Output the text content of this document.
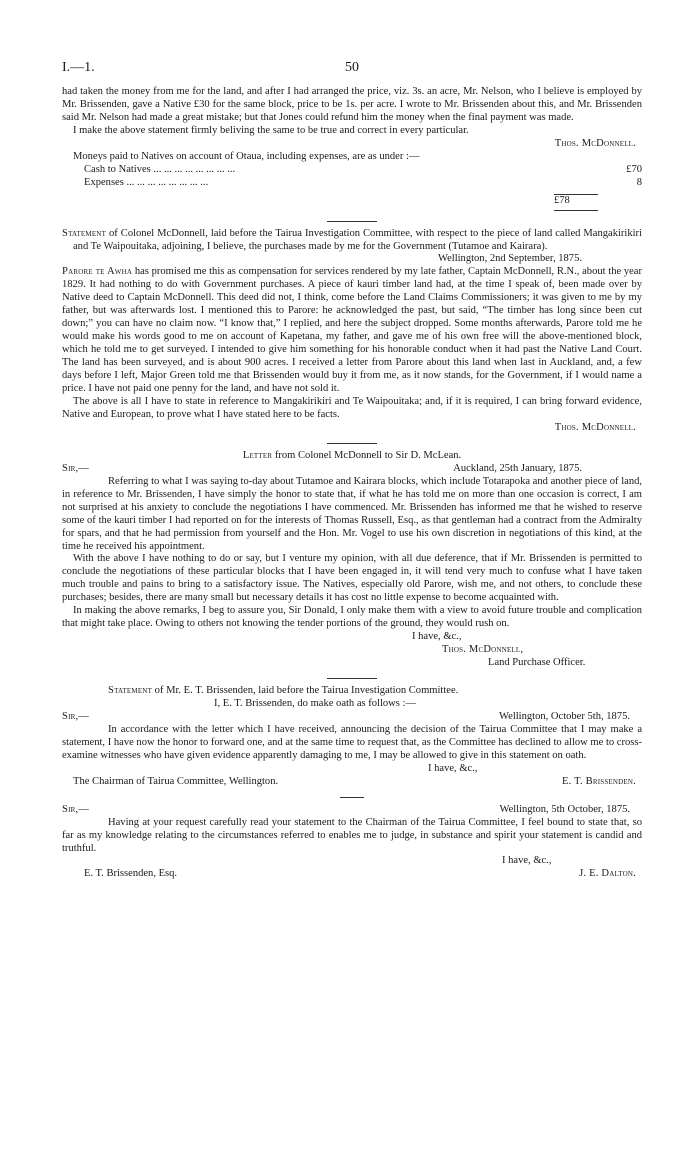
I.—1.	50

had taken the money from me for the land, and after I had arranged the price, viz. 3s. an acre, Mr. Nelson, who I believe is employed by Mr. Brissenden, gave a Native £30 for the same block, price to be 1s. per acre. I wrote to Mr. Brissenden about this, and Mr. Brissenden said Mr. Nelson had made a great mistake; but that Jones could refund him the money when the final payment was made.

I make the above statement firmly beliving the same to be true and correct in every particular.

Thos. McDonnell.

Moneys paid to Natives on account of Otaua, including expenses, are as under :—

Cash to Natives ... ... ... ... ... ... ... ...	£70
Expenses ... ... ... ... ... ... ... ...	8
£78

Statement of Colonel McDonnell, laid before the Tairua Investigation Committee, with respect to the piece of land called Mangakirikiri and Te Waipouitaka, adjoining, I believe, the purchases made by me for the Government (Tutamoe and Kairara).

Wellington, 2nd September, 1875.

Parore te Awha has promised me this as compensation for services rendered by my late father, Captain McDonnell, R.N., about the year 1829. It had nothing to do with Government purchases. A piece of kauri timber land had, at the time I speak of, been made over by Native deed to Captain McDonnell. This deed did not, I think, come before the Land Claims Commissioners; it was given to me by my father, but was afterwards lost. I mentioned this to Parore: he acknowledged the past, but said, “The timber has long since been cut down;” you can have no claim now. “I know that,” I replied, and here the subject dropped. Some months afterwards, Parore told me he would make his words good to me on account of Kapetana, my father, and gave me of his own free will the above-mentioned block, which he told me to get surveyed. I intended to give him something for his honorable conduct when it had past the Native Land Court. The land has been surveyed, and is about 900 acres. I received a letter from Parore about this land when last in Auckland, and, a few days before I left, Major Green told me that Brissenden would buy it from me, as it now stands, for the Government, if I would name a price. I have not paid one penny for the land, and have not sold it.

The above is all I have to state in reference to Mangakirikiri and Te Waipouitaka; and, if it is required, I can bring forward evidence, Native and European, to prove what I have stated here to be facts.

Thos. McDonnell.

Letter from Colonel McDonnell to Sir D. McLean.

Sir,—	Auckland, 25th January, 1875.

Referring to what I was saying to-day about Tutamoe and Kairara blocks, which include Totarapoka and another piece of land, in reference to Mr. Brissenden, I have simply the honor to state that, if what he has told me on more than one occasion is correct, I am not surprised at his anxiety to conclude the negotiations I have commenced. Mr. Brissenden has informed me that he wished to reserve some of the kauri timber I had reported on for the interests of Thomas Russell, Esq., as that gentleman had a contract from the Admiralty for spars, and that he had permission from yourself and the Hon. Mr. Vogel to use his own discretion in negotiations of this kind, at the time he received his appointment.

With the above I have nothing to do or say, but I venture my opinion, with all due deference, that if Mr. Brissenden is permitted to conclude the negotiations of these particular blocks that I have been engaged in, it will tend very much to confuse what I have taken much trouble and pains to bring to a satisfactory issue. The Natives, especially old Parore, wish me, and not others, to conclude these purchases; besides, there are many small but necessary details it has cost no little expense to become acquainted with.

In making the above remarks, I beg to assure you, Sir Donald, I only make them with a view to avoid future trouble and complication that might take place. Owing to others not knowing the tender portions of the ground, they would rush on.

I have, &c.,

Thos. McDonnell,

Land Purchase Officer.

Statement of Mr. E. T. Brissenden, laid before the Tairua Investigation Committee.

I, E. T. Brissenden, do make oath as follows :—

Sir,—	Wellington, October 5th, 1875.

In accordance with the letter which I have received, announcing the decision of the Tairua Committee that I may make a statement, I have now the honor to forward one, and at the same time to request that, as the Committee has declined to allow me to cross-examine witnesses who have given evidence apparently damaging to me, I may be allowed to give in this statement on oath.

I have, &c.,

The Chairman of Tairua Committee, Wellington.	E. T. Brissenden.
Sir,—	Wellington, 5th October, 1875.

Having at your request carefully read your statement to the Chairman of the Tairua Committee, I feel bound to state that, so far as my knowledge relating to the circumstances referred to enables me to judge, in substance and spirit your statement is candid and truthful.

I have, &c.,

E. T. Brissenden, Esq.	J. E. Dalton.
